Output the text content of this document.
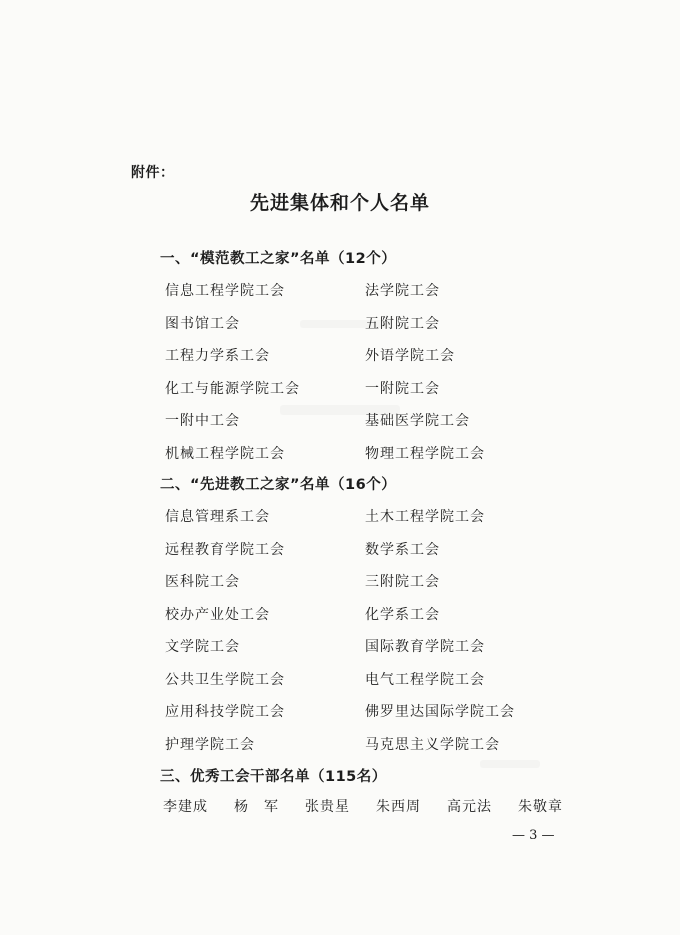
附件：
先进集体和个人名单
一、“模范教工之家”名单（12个）
信息工程学院工会	法学院工会
图书馆工会	五附院工会
工程力学系工会	外语学院工会
化工与能源学院工会	一附院工会
一附中工会	基础医学院工会
机械工程学院工会	物理工程学院工会
二、“先进教工之家”名单（16个）
信息管理系工会	土木工程学院工会
远程教育学院工会	数学系工会
医科院工会	三附院工会
校办产业处工会	化学系工会
文学院工会	国际教育学院工会
公共卫生学院工会	电气工程学院工会
应用科技学院工会	佛罗里达国际学院工会
护理学院工会	马克思主义学院工会
三、优秀工会干部名单（115名）
李建成 杨　军 张贵星 朱西周 高元法 朱敬章
— 3 —
